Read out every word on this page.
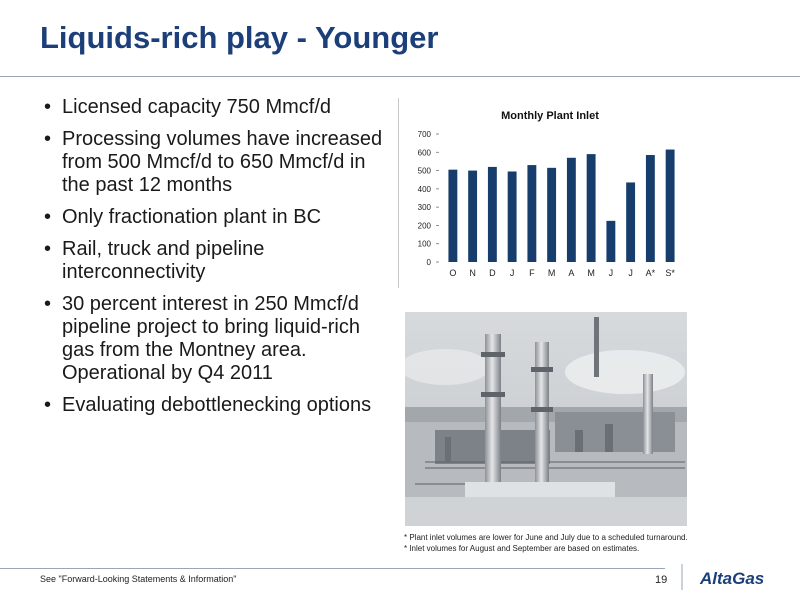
Liquids-rich play - Younger
• Licensed capacity 750 Mmcf/d
• Processing volumes have increased from 500 Mmcf/d to 650 Mmcf/d in the past 12 months
• Only fractionation plant in BC
• Rail, truck and pipeline interconnectivity
• 30 percent interest in 250 Mmcf/d pipeline project to bring liquid-rich gas from the Montney area. Operational by Q4 2011
• Evaluating debottlenecking options
Monthly Plant Inlet
0
100
200
300
400
500
600
700
O N D J F M A M J J A* S*
* Plant inlet volumes are lower for June and July due to a scheduled turnaround.
* Inlet volumes for August and September are based on estimates.
See "Forward-Looking Statements & Information"	19 AltaGas
